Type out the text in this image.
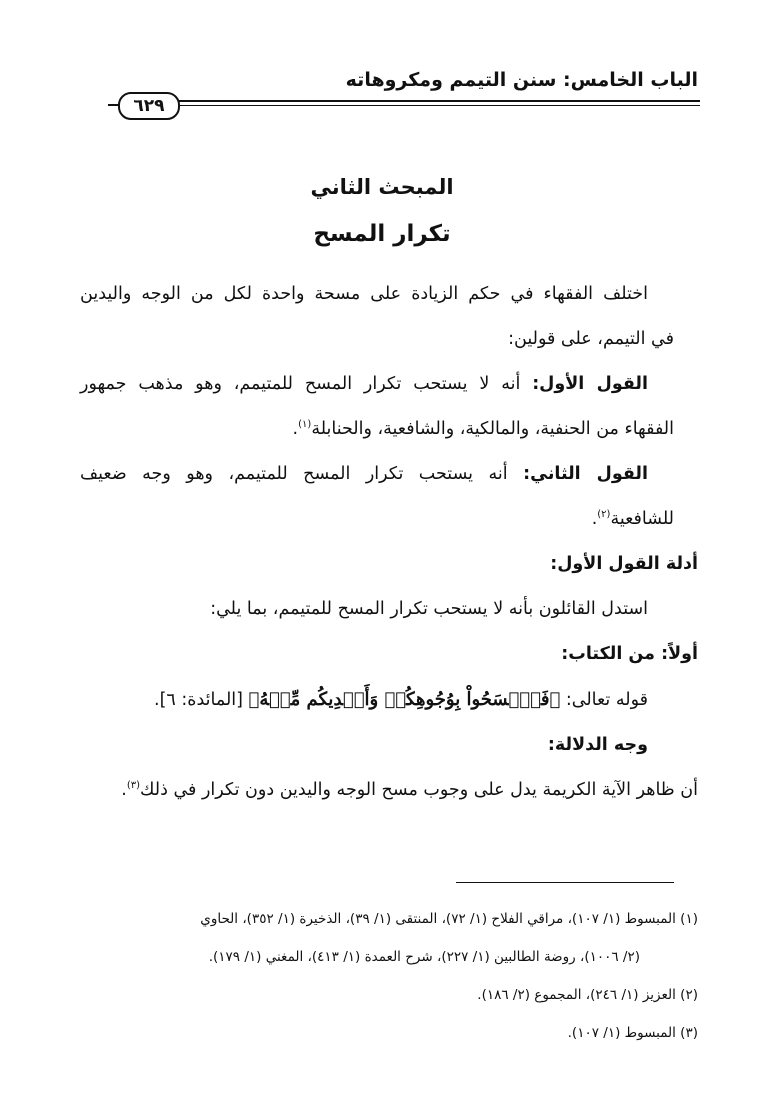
الباب الخامس: سنن التيمم ومكروهاته
٦٢٩
المبحث الثاني
تكرار المسح
اختلف الفقهاء في حكم الزيادة على مسحة واحدة لكل من الوجه واليدين
في التيمم، على قولين:
القول الأول: أنه لا يستحب تكرار المسح للمتيمم، وهو مذهب جمهور
الفقهاء من الحنفية، والمالكية، والشافعية، والحنابلة$^{(١)}$.
القول الثاني: أنه يستحب تكرار المسح للمتيمم، وهو وجه ضعيف
للشافعية$^{(٢)}$.
أدلة القول الأول:
استدل القائلون بأنه لا يستحب تكرار المسح للمتيمم، بما يلي:
أولاً: من الكتاب:
قوله تعالى: ﴿فَٱمۡسَحُواْ بِوُجُوهِكُمۡ وَأَيۡدِيكُم مِّنۡهُ﴾ [المائدة: ٦].
وجه الدلالة:
أن ظاهر الآية الكريمة يدل على وجوب مسح الوجه واليدين دون تكرار في ذلك$^{(٣)}$.
(١) المبسوط (١/ ١٠٧)، مراقي الفلاح (١/ ٧٢)، المنتقى (١/ ٣٩)، الذخيرة (١/ ٣٥٢)، الحاوي
(٢/ ١٠٠٦)، روضة الطالبين (١/ ٢٢٧)، شرح العمدة (١/ ٤١٣)، المغني (١/ ١٧٩).
(٢) العزيز (١/ ٢٤٦)، المجموع (٢/ ١٨٦).
(٣) المبسوط (١/ ١٠٧).
